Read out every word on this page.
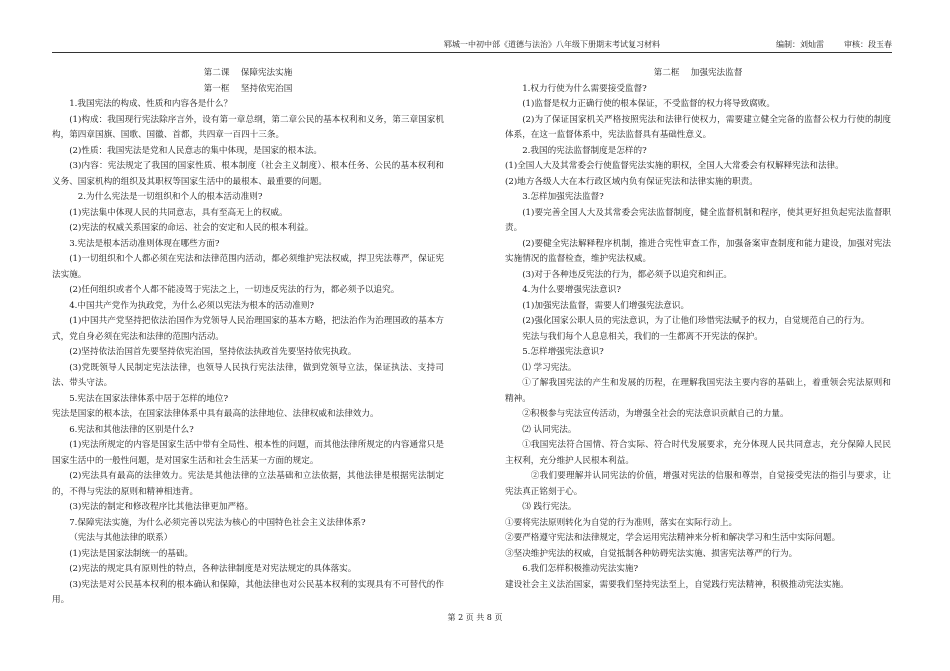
郓城一中初中部《道德与法治》八年级下册期末考试复习材料	编制：刘灿雷	审核：段玉春

第二课　 保障宪法实施

第一框　 坚持依宪治国

1.我国宪法的构成、性质和内容各是什么？

(1)构成：我国现行宪法除序言外，设有第一章总纲，第二章公民的基本权利和义务，第三章国家机构，第四章国旗、国歌、国徽、首都，共四章一百四十三条。

(2)性质：我国宪法是党和人民意志的集中体现，是国家的根本法。

(3)内容：宪法规定了我国的国家性质、根本制度（社会主义制度）、根本任务、公民的基本权利和义务、国家机构的组织及其职权等国家生活中的最根本、最重要的问题。

2.为什么宪法是一切组织和个人的根本活动准则?

(1)宪法集中体现人民的共同意志，具有至高无上的权威。

(2)宪法的权威关系国家的命运、社会的安定和人民的根本利益。

3.宪法是根本活动准则体现在哪些方面?

(1)一切组织和个人都必须在宪法和法律范围内活动，都必须维护宪法权威，捍卫宪法尊严，保证宪法实施。

(2)任何组织或者个人都不能凌驾于宪法之上，一切违反宪法的行为，都必须予以追究。

4.中国共产党作为执政党，为什么必须以宪法为根本的活动准则?

(1)中国共产党坚持把依法治国作为党领导人民治理国家的基本方略，把法治作为治理国政的基本方式，党自身必须在宪法和法律的范围内活动。

(2)坚持依法治国首先要坚持依宪治国，坚持依法执政首先要坚持依宪执政。

(3)党既领导人民制定宪法法律，也领导人民执行宪法法律，做到党领导立法，保证执法、支持司法、带头守法。

5.宪法在国家法律体系中居于怎样的地位?

宪法是国家的根本法，在国家法律体系中具有最高的法律地位、法律权威和法律效力。

6.宪法和其他法律的区别是什么?

(1)宪法所规定的内容是国家生活中带有全局性、根本性的问题，而其他法律所规定的内容通常只是国家生活中的一般性问题，是对国家生活和社会生活某一方面的规定。

(2)宪法具有最高的法律效力。宪法是其他法律的立法基础和立法依据，其他法律是根据宪法制定的，不得与宪法的原则和精神相违背。

(3)宪法的制定和修改程序比其他法律更加严格。

7.保障宪法实施，为什么必须完善以宪法为核心的中国特色社会主义法律体系?

（宪法与其他法律的联系）

(1)宪法是国家法制统一的基础。

(2)宪法的规定具有原则性的特点，各种法律制度是对宪法规定的具体落实。

(3)宪法是对公民基本权利的根本确认和保障，其他法律也对公民基本权利的实现具有不可替代的作用。

第二框　 加强宪法监督

1.权力行使为什么需要接受监督?

(1)监督是权力正确行使的根本保证，不受监督的权力将导致腐败。

(2)为了保证国家机关严格按照宪法和法律行使权力，需要建立健全完备的监督公权力行使的制度体系，在这一监督体系中，宪法监督具有基础性意义。

2.我国的宪法监督制度是怎样的?

(1)全国人大及其常委会行使监督宪法实施的职权，全国人大常委会有权解释宪法和法律。

(2)地方各级人大在本行政区域内负有保证宪法和法律实施的职责。

3.怎样加强宪法监督?

(1)要完善全国人大及其常委会宪法监督制度，健全监督机制和程序，使其更好担负起宪法监督职责。

(2)要健全宪法解释程序机制，推进合宪性审查工作，加强备案审查制度和能力建设，加强对宪法实施情况的监督检查，维护宪法权威。

(3)对于各种违反宪法的行为，都必须予以追究和纠正。

4.为什么要增强宪法意识?

(1)加强宪法监督，需要人们增强宪法意识。

(2)强化国家公职人员的宪法意识，为了让他们珍惜宪法赋予的权力，自觉规范自己的行为。

宪法与我们每个人息息相关，我们的一生都离不开宪法的保护。

5.怎样增强宪法意识?

⑴ 学习宪法。

①了解我国宪法的产生和发展的历程，在理解我国宪法主要内容的基础上，着重领会宪法原则和精神。

②积极参与宪法宣传活动，为增强全社会的宪法意识贡献自己的力量。

⑵ 认同宪法。

①我国宪法符合国情、符合实际、符合时代发展要求，充分体现人民共同意志，充分保障人民民主权利，充分维护人民根本利益。

②我们要理解并认同宪法的价值，增强对宪法的信服和尊崇，自觉接受宪法的指引与要求，让宪法真正铭刻于心。

⑶ 践行宪法。

①要将宪法原则转化为自觉的行为准则，落实在实际行动上。

②要严格遵守宪法和法律规定，学会运用宪法精神来分析和解决学习和生活中实际问题。

③坚决维护宪法的权威，自觉抵制各种妨碍宪法实施、损害宪法尊严的行为。

6.我们怎样积极推动宪法实施?

建设社会主义法治国家，需要我们坚持宪法至上，自觉践行宪法精神，积极推动宪法实施。

第 2 页 共 8 页
